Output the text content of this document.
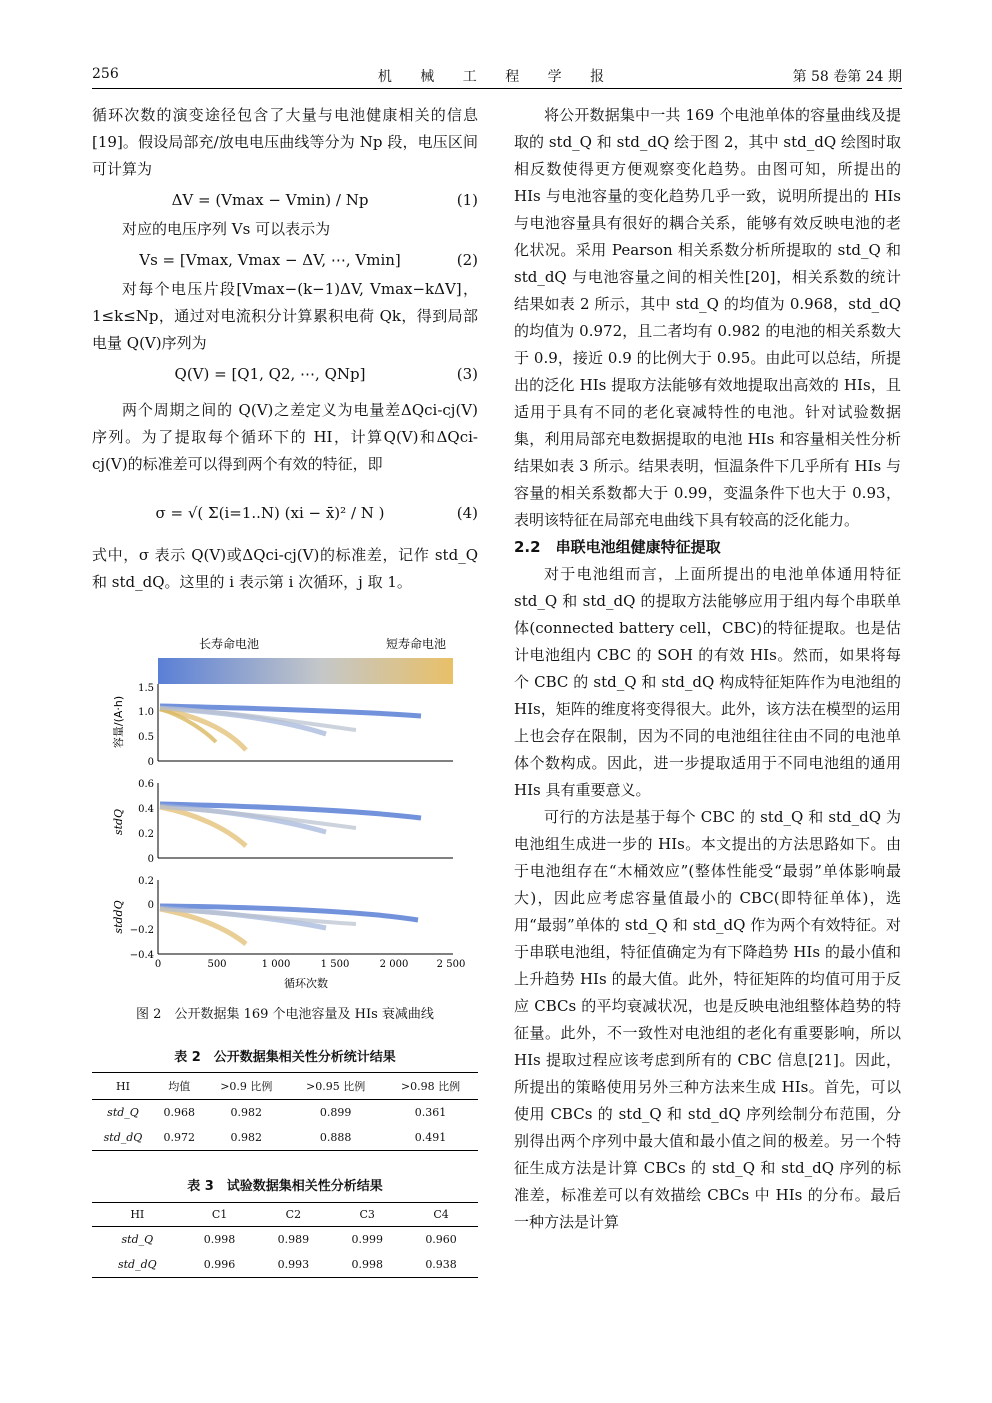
256	机 械 工 程 学 报	第 58 卷第 24 期

循环次数的演变途径包含了大量与电池健康相关的信息[19]。假设局部充/放电电压曲线等分为 Np 段，电压区间可计算为

ΔV = (Vmax − Vmin) / Np	(1)

对应的电压序列 Vs 可以表示为

Vs = [Vmax, Vmax − ΔV, ⋯, Vmin]	(2)

对每个电压片段[Vmax−(k−1)ΔV, Vmax−kΔV]，1≤k≤Np，通过对电流积分计算累积电荷 Qk，得到局部电量 Q(V)序列为

Q(V) = [Q1, Q2, ⋯, QNp]	(3)

两个周期之间的 Q(V)之差定义为电量差ΔQci-cj(V)序列。为了提取每个循环下的 HI，计算Q(V)和ΔQci-cj(V)的标准差可以得到两个有效的特征，即

σ = √( Σ(i=1..N) (xi − x̄)² / N )	(4)

式中，σ 表示 Q(V)或ΔQci-cj(V)的标准差，记作 std_Q 和 std_dQ。这里的 i 表示第 i 次循环，j 取 1。

长寿命电池	短寿命电池
1.5
1.0
0.5
0
容量/(A·h)
0.6
0.4
0.2
0
stdQ
0.2
0
−0.2
−0.4
stddQ
0	500	1 000	1 500	2 000	2 500
循环次数
图 2　公开数据集 169 个电池容量及 HIs 衰减曲线
表 2　公开数据集相关性分析统计结果
HI	均值	>0.9 比例	>0.95 比例	>0.98 比例
std_Q	0.968	0.982	0.899	0.361
std_dQ	0.972	0.982	0.888	0.491
表 3　试验数据集相关性分析结果
HI	C1	C2	C3	C4
std_Q	0.998	0.989	0.999	0.960
std_dQ	0.996	0.993	0.998	0.938

将公开数据集中一共 169 个电池单体的容量曲线及提取的 std_Q 和 std_dQ 绘于图 2，其中 std_dQ 绘图时取相反数使得更方便观察变化趋势。由图可知，所提出的 HIs 与电池容量的变化趋势几乎一致，说明所提出的 HIs 与电池容量具有很好的耦合关系，能够有效反映电池的老化状况。采用 Pearson 相关系数分析所提取的 std_Q 和 std_dQ 与电池容量之间的相关性[20]，相关系数的统计结果如表 2 所示，其中 std_Q 的均值为 0.968，std_dQ 的均值为 0.972，且二者均有 0.982 的电池的相关系数大于 0.9，接近 0.9 的比例大于 0.95。由此可以总结，所提出的泛化 HIs 提取方法能够有效地提取出高效的 HIs，且适用于具有不同的老化衰减特性的电池。针对试验数据集，利用局部充电数据提取的电池 HIs 和容量相关性分析结果如表 3 所示。结果表明，恒温条件下几乎所有 HIs 与容量的相关系数都大于 0.99，变温条件下也大于 0.93，表明该特征在局部充电曲线下具有较高的泛化能力。

2.2　串联电池组健康特征提取

对于电池组而言，上面所提出的电池单体通用特征 std_Q 和 std_dQ 的提取方法能够应用于组内每个串联单体(connected battery cell，CBC)的特征提取。也是估计电池组内 CBC 的 SOH 的有效 HIs。然而，如果将每个 CBC 的 std_Q 和 std_dQ 构成特征矩阵作为电池组的 HIs，矩阵的维度将变得很大。此外，该方法在模型的运用上也会存在限制，因为不同的电池组往往由不同的电池单体个数构成。因此，进一步提取适用于不同电池组的通用 HIs 具有重要意义。

可行的方法是基于每个 CBC 的 std_Q 和 std_dQ 为电池组生成进一步的 HIs。本文提出的方法思路如下。由于电池组存在“木桶效应”(整体性能受“最弱”单体影响最大)，因此应考虑容量值最小的 CBC(即特征单体)，选用“最弱”单体的 std_Q 和 std_dQ 作为两个有效特征。对于串联电池组，特征值确定为有下降趋势 HIs 的最小值和上升趋势 HIs 的最大值。此外，特征矩阵的均值可用于反应 CBCs 的平均衰减状况，也是反映电池组整体趋势的特征量。此外，不一致性对电池组的老化有重要影响，所以 HIs 提取过程应该考虑到所有的 CBC 信息[21]。因此，所提出的策略使用另外三种方法来生成 HIs。首先，可以使用 CBCs 的 std_Q 和 std_dQ 序列绘制分布范围，分别得出两个序列中最大值和最小值之间的极差。另一个特征生成方法是计算 CBCs 的 std_Q 和 std_dQ 序列的标准差，标准差可以有效描绘 CBCs 中 HIs 的分布。最后一种方法是计算
